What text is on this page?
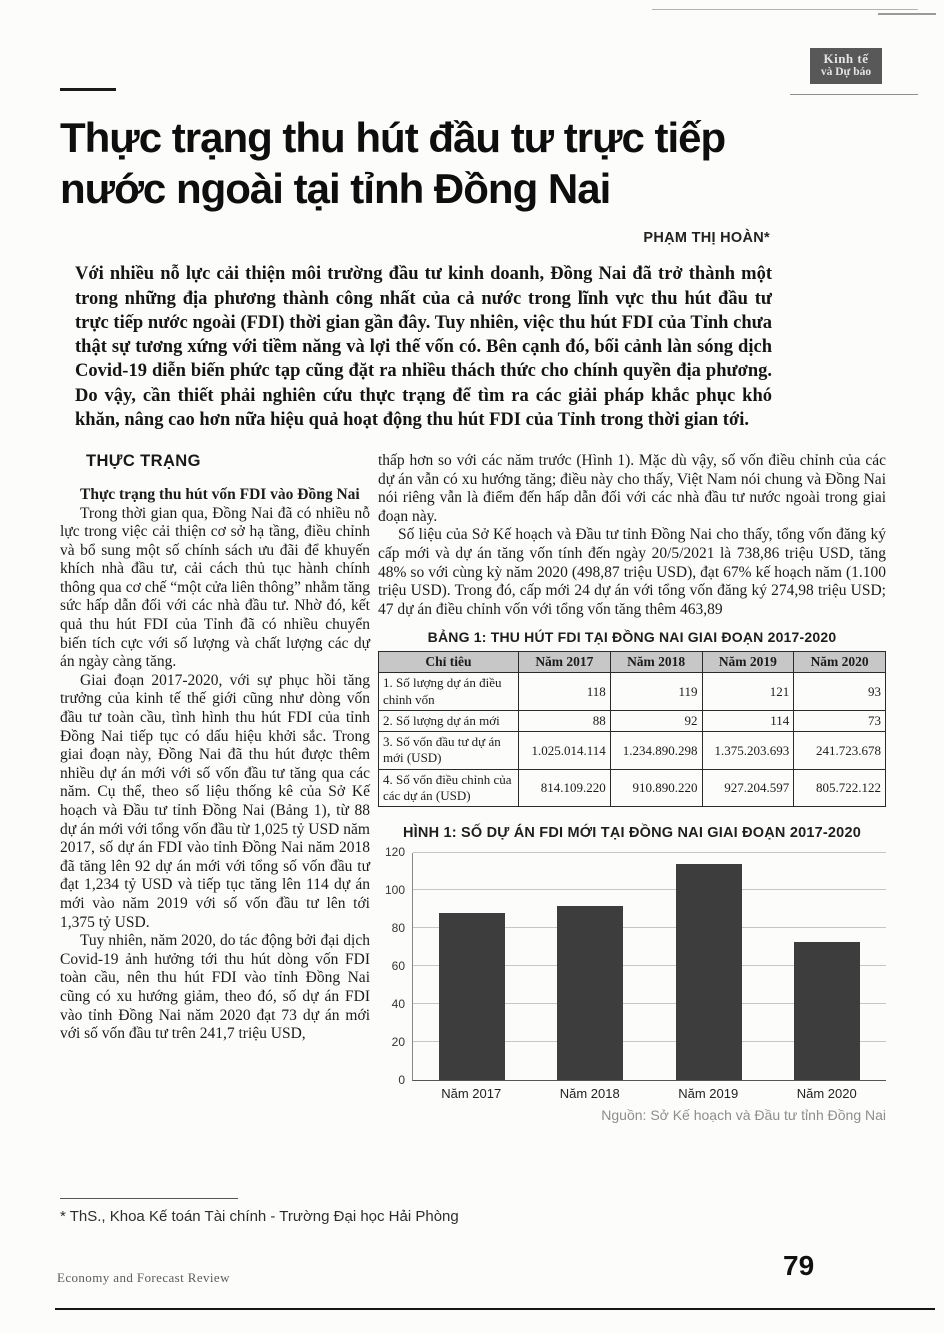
Kinh tế
và Dự báo
Thực trạng thu hút đầu tư trực tiếp
nước ngoài tại tỉnh Đồng Nai
PHẠM THỊ HOÀN*
Với nhiều nỗ lực cải thiện môi trường đầu tư kinh doanh, Đồng Nai đã trở thành một trong những địa phương thành công nhất của cả nước trong lĩnh vực thu hút đầu tư trực tiếp nước ngoài (FDI) thời gian gần đây. Tuy nhiên, việc thu hút FDI của Tỉnh chưa thật sự tương xứng với tiềm năng và lợi thế vốn có. Bên cạnh đó, bối cảnh làn sóng dịch Covid-19 diễn biến phức tạp cũng đặt ra nhiều thách thức cho chính quyền địa phương. Do vậy, cần thiết phải nghiên cứu thực trạng để tìm ra các giải pháp khắc phục khó khăn, nâng cao hơn nữa hiệu quả hoạt động thu hút FDI của Tỉnh trong thời gian tới.
THỰC TRẠNG
Thực trạng thu hút vốn FDI vào Đồng Nai

Trong thời gian qua, Đồng Nai đã có nhiều nỗ lực trong việc cải thiện cơ sở hạ tầng, điều chỉnh và bổ sung một số chính sách ưu đãi để khuyến khích nhà đầu tư, cải cách thủ tục hành chính thông qua cơ chế “một cửa liên thông” nhằm tăng sức hấp dẫn đối với các nhà đầu tư. Nhờ đó, kết quả thu hút FDI của Tỉnh đã có nhiều chuyển biến tích cực với số lượng và chất lượng các dự án ngày càng tăng.

Giai đoạn 2017-2020, với sự phục hồi tăng trưởng của kinh tế thế giới cũng như dòng vốn đầu tư toàn cầu, tình hình thu hút FDI của tỉnh Đồng Nai tiếp tục có dấu hiệu khởi sắc. Trong giai đoạn này, Đồng Nai đã thu hút được thêm nhiều dự án mới với số vốn đầu tư tăng qua các năm. Cụ thể, theo số liệu thống kê của Sở Kế hoạch và Đầu tư tỉnh Đồng Nai (Bảng 1), từ 88 dự án mới với tổng vốn đầu từ 1,025 tỷ USD năm 2017, số dự án FDI vào tỉnh Đồng Nai năm 2018 đã tăng lên 92 dự án mới với tổng số vốn đầu tư đạt 1,234 tỷ USD và tiếp tục tăng lên 114 dự án mới vào năm 2019 với số vốn đầu tư lên tới 1,375 tỷ USD.

Tuy nhiên, năm 2020, do tác động bởi đại dịch Covid-19 ảnh hưởng tới thu hút dòng vốn FDI toàn cầu, nên thu hút FDI vào tỉnh Đồng Nai cũng có xu hướng giảm, theo đó, số dự án FDI vào tỉnh Đồng Nai năm 2020 đạt 73 dự án mới với số vốn đầu tư trên 241,7 triệu USD,

thấp hơn so với các năm trước (Hình 1). Mặc dù vậy, số vốn điều chỉnh của các dự án vẫn có xu hướng tăng; điều này cho thấy, Việt Nam nói chung và Đồng Nai nói riêng vẫn là điểm đến hấp dẫn đối với các nhà đầu tư nước ngoài trong giai đoạn này.

Số liệu của Sở Kế hoạch và Đầu tư tỉnh Đồng Nai cho thấy, tổng vốn đăng ký cấp mới và dự án tăng vốn tính đến ngày 20/5/2021 là 738,86 triệu USD, tăng 48% so với cùng kỳ năm 2020 (498,87 triệu USD), đạt 67% kế hoạch năm (1.100 triệu USD). Trong đó, cấp mới 24 dự án với tổng vốn đăng ký 274,98 triệu USD; 47 dự án điều chỉnh vốn với tổng vốn tăng thêm 463,89

BẢNG 1: THU HÚT FDI TẠI ĐỒNG NAI GIAI ĐOẠN 2017-2020
Chỉ tiêu	Năm 2017	Năm 2018	Năm 2019	Năm 2020
1. Số lượng dự án điều chỉnh vốn	118	119	121	93
2. Số lượng dự án mới	88	92	114	73
3. Số vốn đầu tư dự án mới (USD)	1.025.014.114	1.234.890.298	1.375.203.693	241.723.678
4. Số vốn điều chỉnh của các dự án (USD)	814.109.220	910.890.220	927.204.597	805.722.122
HÌNH 1: SỐ DỰ ÁN FDI MỚI TẠI ĐỒNG NAI GIAI ĐOẠN 2017-2020
0
20
40
60
80
100
120
Năm 2017	Năm 2018	Năm 2019	Năm 2020
Nguồn: Sở Kế hoạch và Đầu tư tỉnh Đồng Nai
* ThS., Khoa Kế toán Tài chính - Trường Đại học Hải Phòng
Economy and Forecast Review	79
